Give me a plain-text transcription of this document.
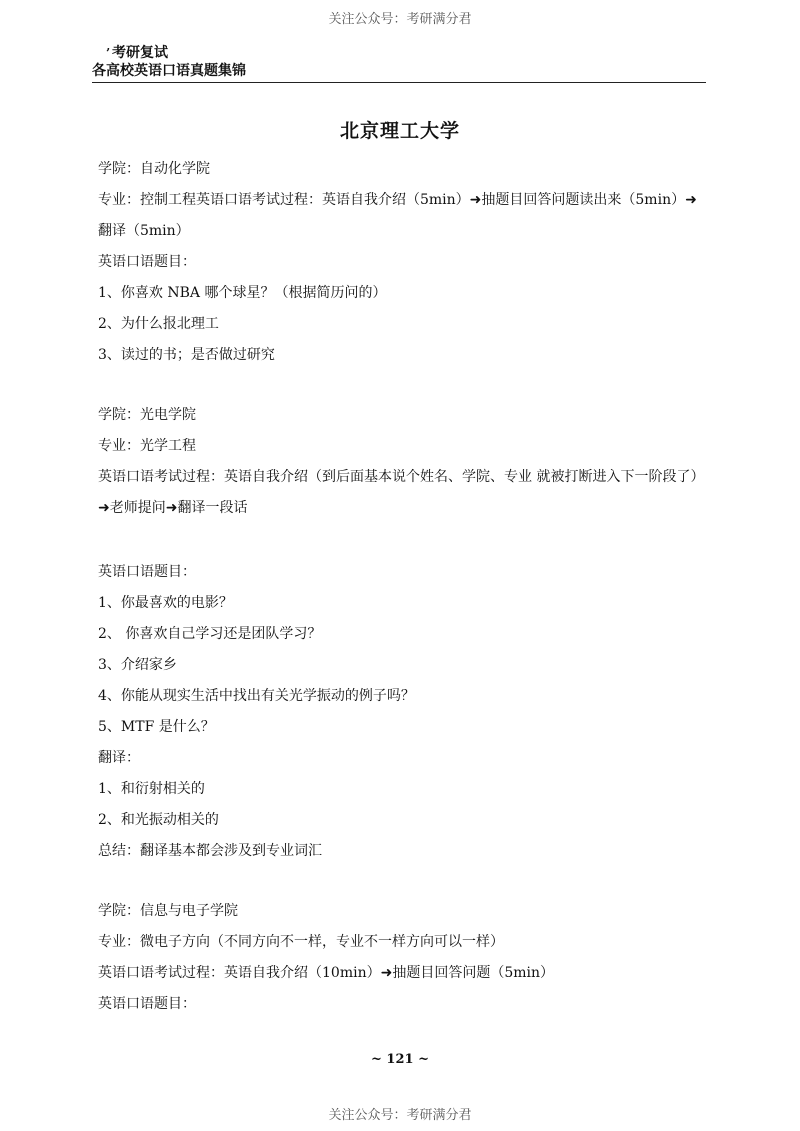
关注公众号：考研满分君
’ 考研复试
各高校英语口语真题集锦
北京理工大学

学院：自动化学院

专业：控制工程英语口语考试过程：英语自我介绍（5min）➜抽题目回答问题读出来（5min）➜翻译（5min）

英语口语题目：

1、你喜欢 NBA 哪个球星？（根据简历问的）

2、为什么报北理工

3、读过的书；是否做过研究

学院：光电学院

专业：光学工程

英语口语考试过程：英语自我介绍（到后面基本说个姓名、学院、专业 就被打断进入下一阶段了）➜老师提问➜翻译一段话

英语口语题目：

1、你最喜欢的电影？

2、 你喜欢自己学习还是团队学习？

3、介绍家乡

4、你能从现实生活中找出有关光学振动的例子吗？

5、MTF 是什么？

翻译：

1、和衍射相关的

2、和光振动相关的

总结：翻译基本都会涉及到专业词汇

学院：信息与电子学院

专业：微电子方向（不同方向不一样，专业不一样方向可以一样）

英语口语考试过程：英语自我介绍（10min）➜抽题目回答问题（5min）

英语口语题目：

~ 121 ~
关注公众号：考研满分君
